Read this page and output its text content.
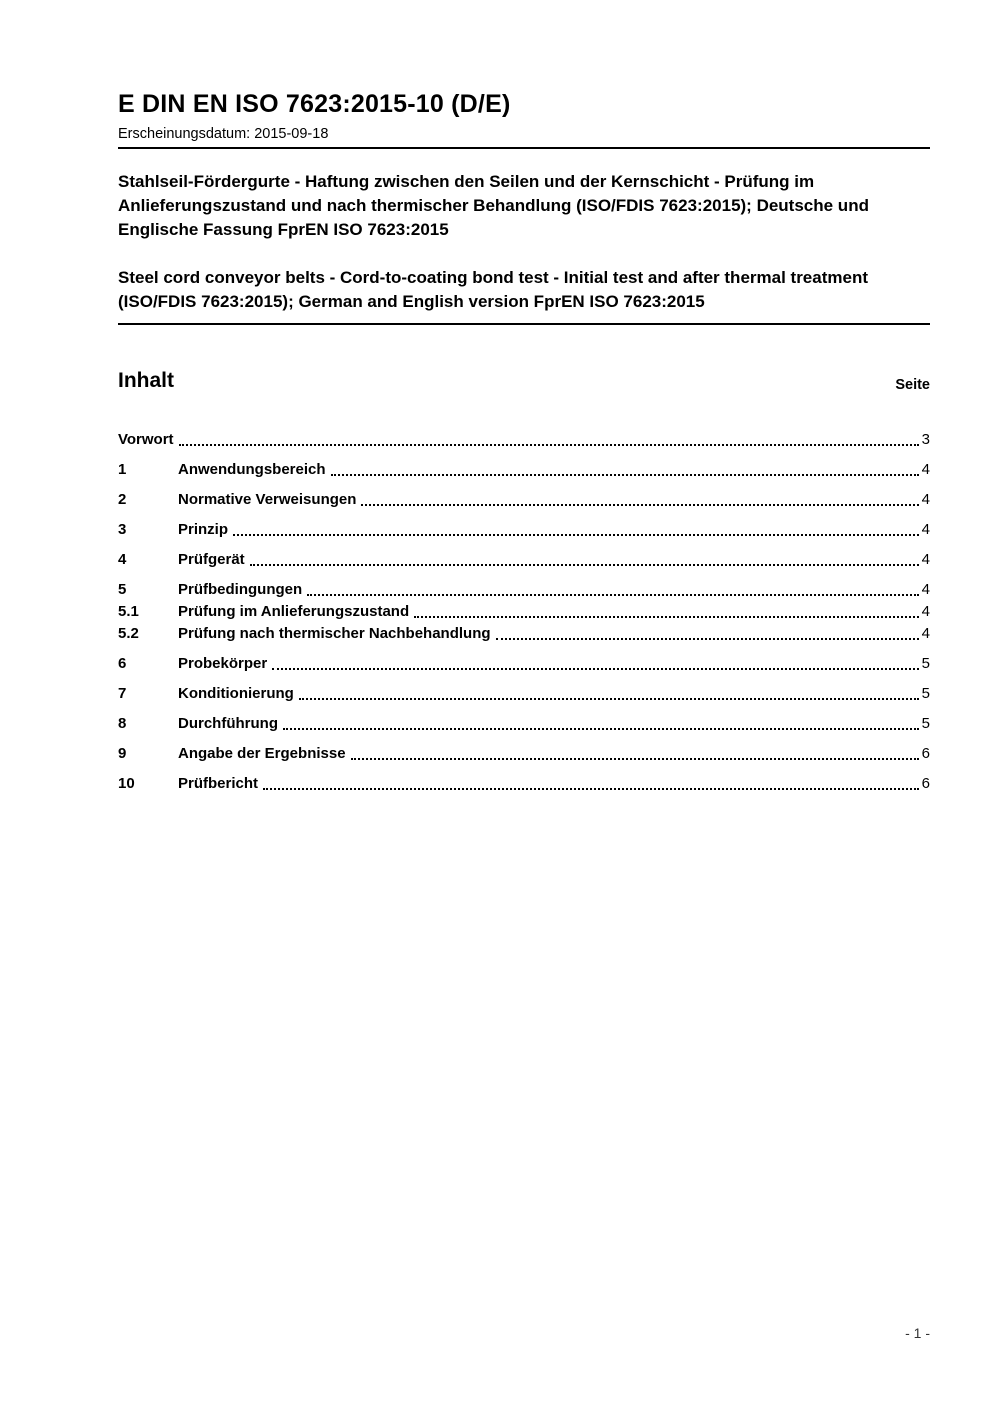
E DIN EN ISO 7623:2015-10 (D/E)
Erscheinungsdatum: 2015-09-18
Stahlseil-Fördergurte - Haftung zwischen den Seilen und der Kernschicht - Prüfung im Anlieferungszustand und nach thermischer Behandlung (ISO/FDIS 7623:2015); Deutsche und Englische Fassung FprEN ISO 7623:2015
Steel cord conveyor belts - Cord-to-coating bond test - Initial test and after thermal treatment (ISO/FDIS 7623:2015); German and English version FprEN ISO 7623:2015
Inhalt	Seite
Vorwort	3
1	Anwendungsbereich	4
2	Normative Verweisungen	4
3	Prinzip	4
4	Prüfgerät	4
5	Prüfbedingungen	4
5.1	Prüfung im Anlieferungszustand	4
5.2	Prüfung nach thermischer Nachbehandlung	4
6	Probekörper	5
7	Konditionierung	5
8	Durchführung	5
9	Angabe der Ergebnisse	6
10	Prüfbericht	6
- 1 -
